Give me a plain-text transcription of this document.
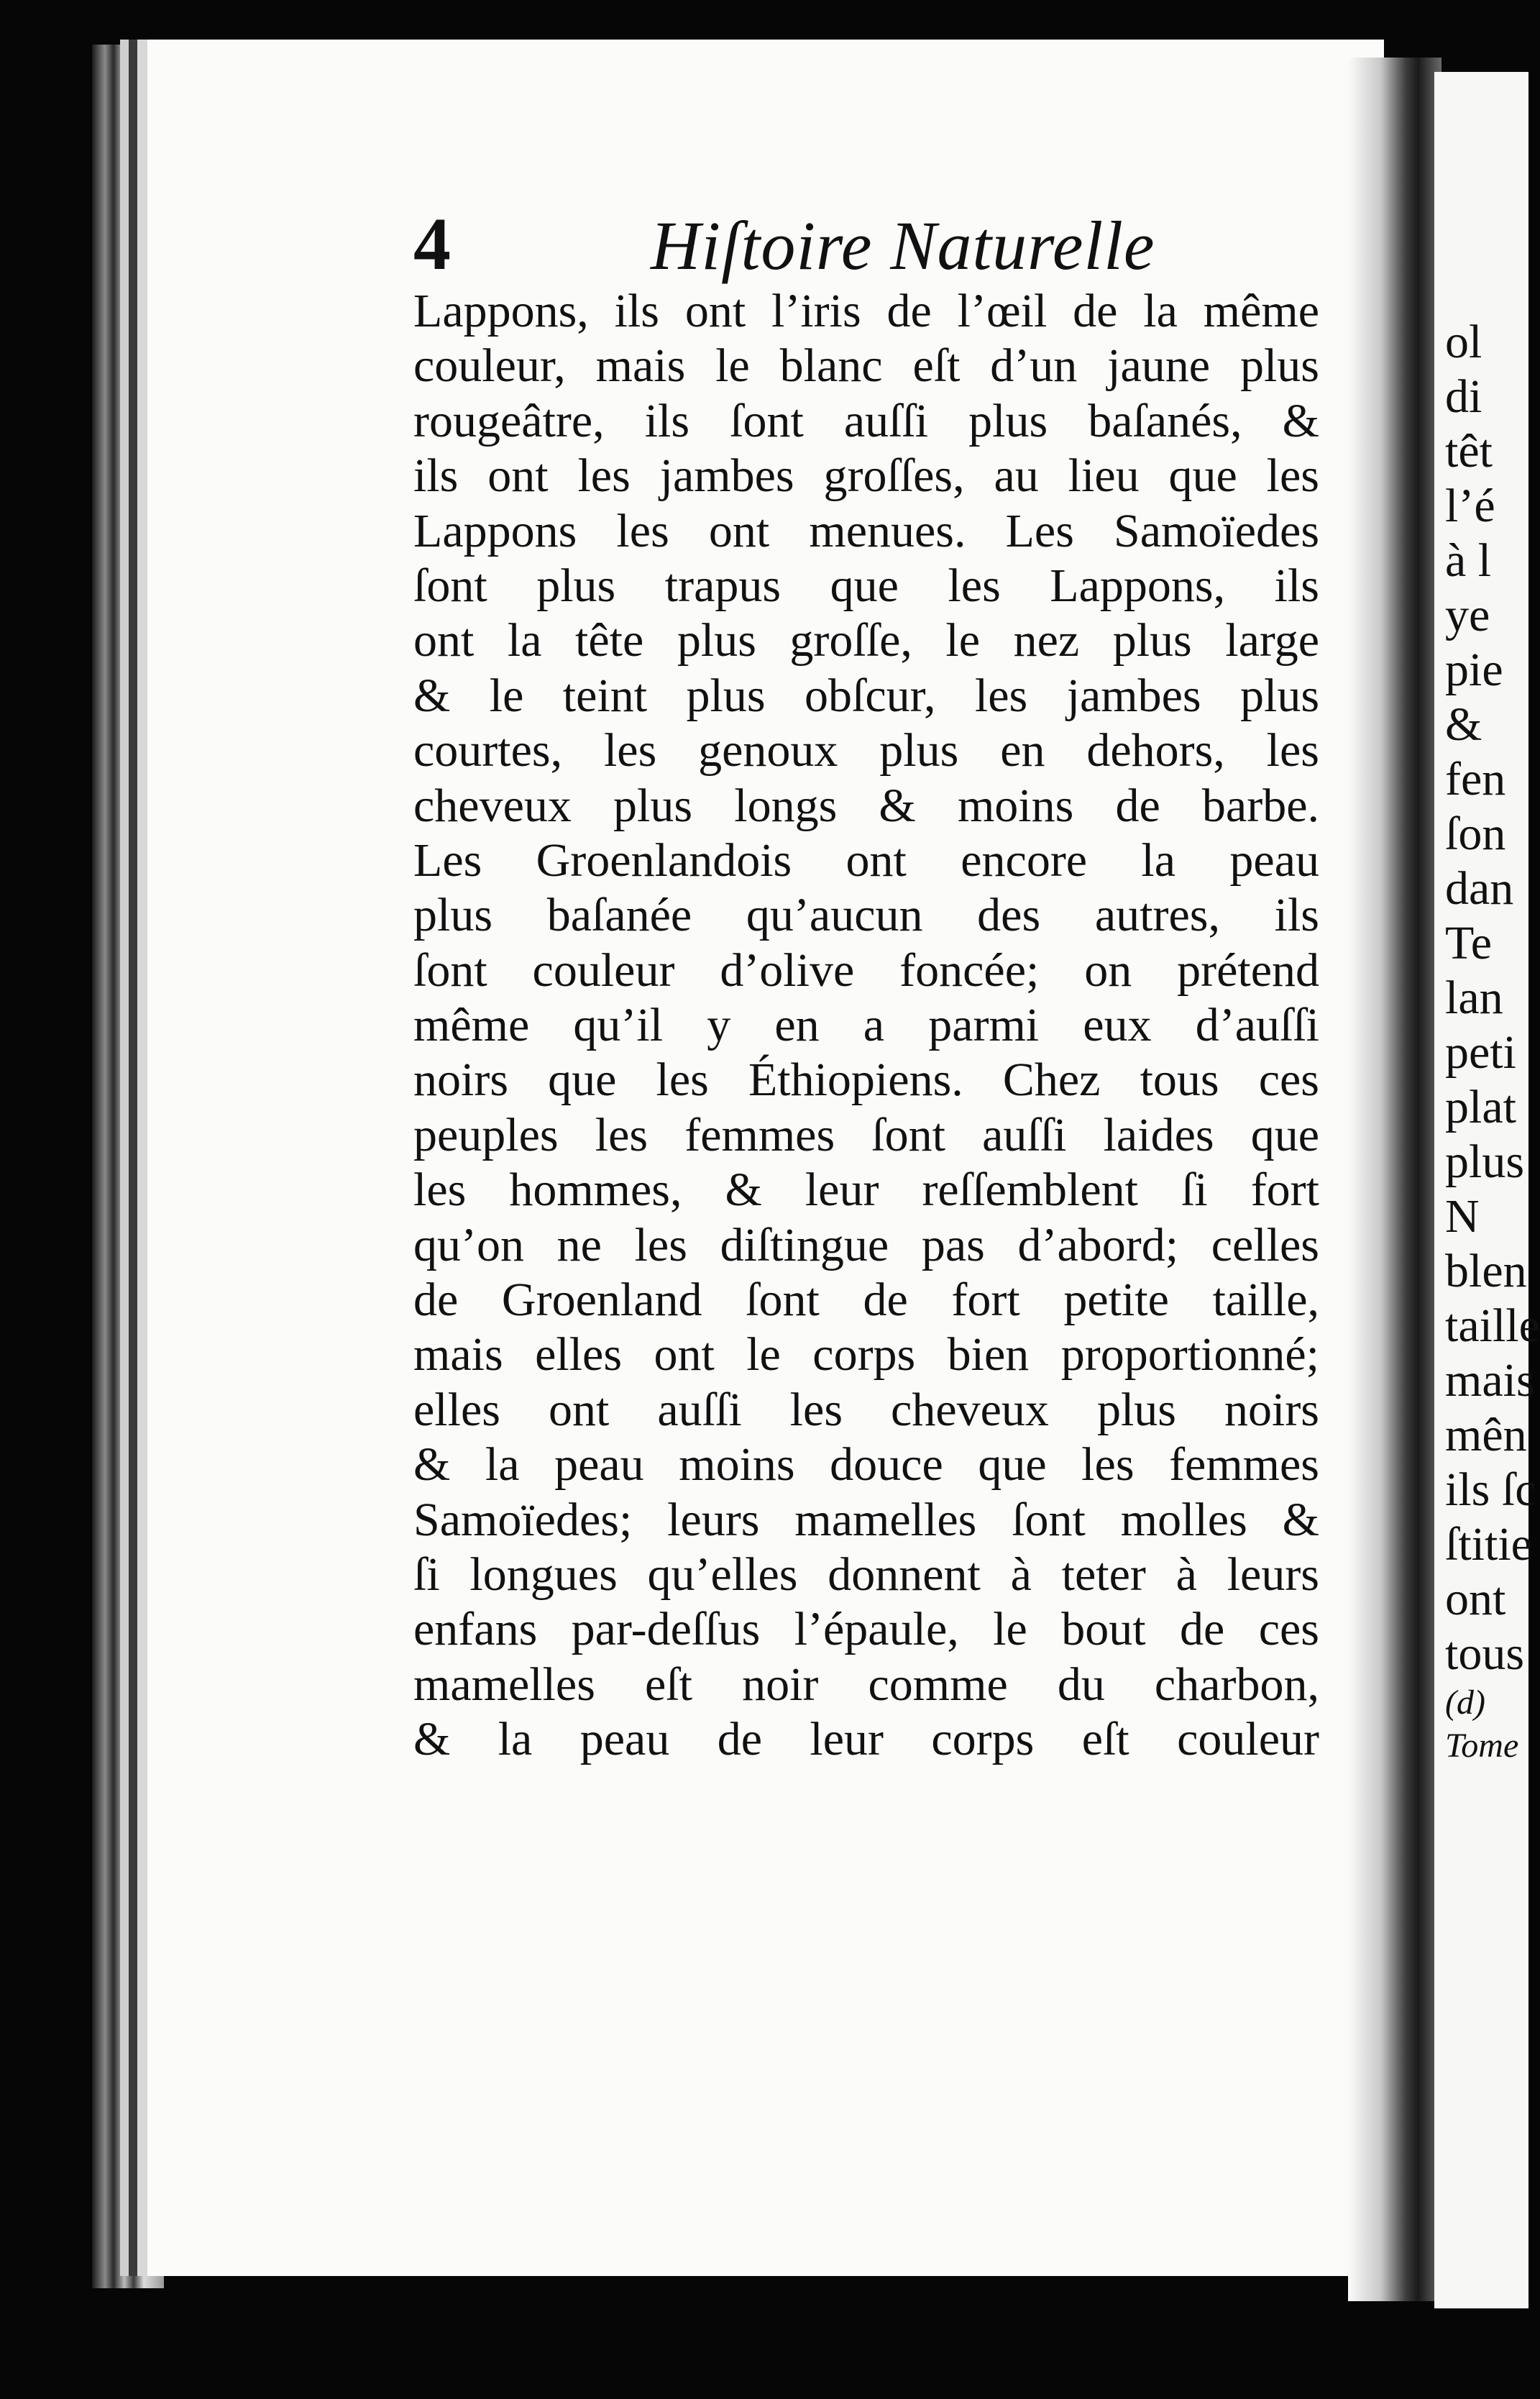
4	Hiſtoire Naturelle
Lappons, ils ont l’iris de l’œil de la même
couleur, mais le blanc eſt d’un jaune plus
rougeâtre, ils ſont auſſi plus baſanés, &
ils ont les jambes groſſes, au lieu que les
Lappons les ont menues. Les Samoïedes
ſont plus trapus que les Lappons, ils
ont la tête plus groſſe, le nez plus large
& le teint plus obſcur, les jambes plus
courtes, les genoux plus en dehors, les
cheveux plus longs & moins de barbe.
Les Groenlandois ont encore la peau
plus baſanée qu’aucun des autres, ils
ſont couleur d’olive foncée; on prétend
même qu’il y en a parmi eux d’auſſi
noirs que les Éthiopiens. Chez tous ces
peuples les femmes ſont auſſi laides que
les hommes, & leur reſſemblent ſi fort
qu’on ne les diſtingue pas d’abord; celles
de Groenland ſont de fort petite taille,
mais elles ont le corps bien proportionné;
elles ont auſſi les cheveux plus noirs
& la peau moins douce que les femmes
Samoïedes; leurs mamelles ſont molles &
ſi longues qu’elles donnent à teter à leurs
enfans par-deſſus l’épaule, le bout de ces
mamelles eſt noir comme du charbon,
& la peau de leur corps eſt couleur
ol
di
têt
l’é
à l
ye
pie
&
fen
ſon
dan
Te
lan
peti
plat
plus
N
blen
taille
mais
mên
ils ſc
ſtitie
ont
tous
(d)
Tome
